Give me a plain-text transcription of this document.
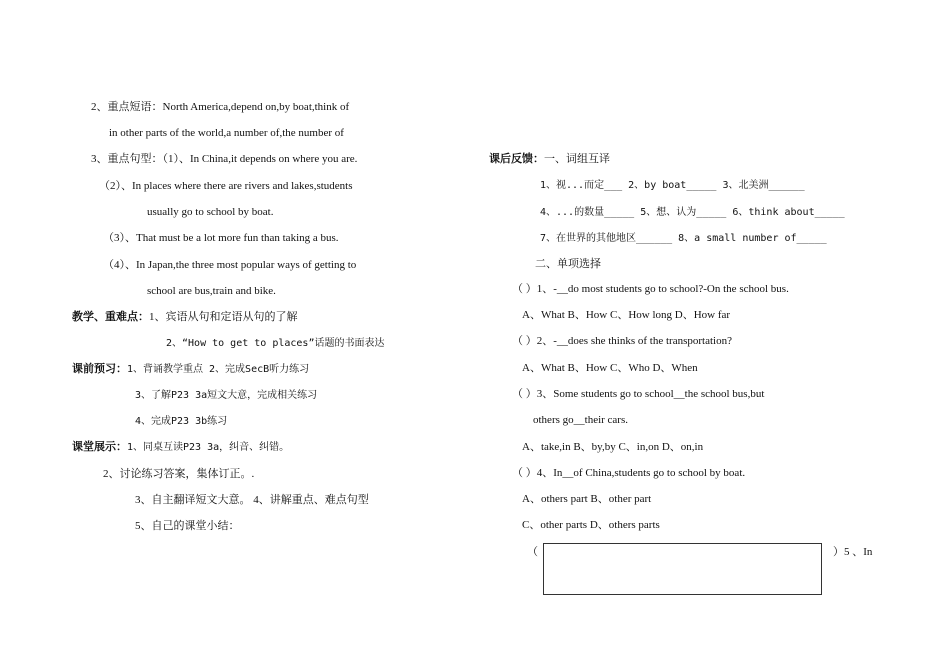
2、重点短语：North America,depend on,by boat,think of
in other parts of the world,a number of,the number of
3、重点句型：（1）、In China,it depends on where you are.
（2）、In places where there are rivers and lakes,students
usually go to school by boat.
（3）、That must be a lot more fun than taking a bus.
（4）、In Japan,the three most popular ways of getting to
school are bus,train and bike.
教学、重难点：1、宾语从句和定语从句的了解
2、“How to get to places”话题的书面表达
课前预习：1、背诵教学重点 2、完成SecB听力练习
3、了解P23 3a短文大意，完成相关练习
4、完成P23 3b练习
课堂展示：1、同桌互读P23 3a，纠音、纠错。
2、讨论练习答案，集体订正。.
3、自主翻译短文大意。 4、讲解重点、难点句型
5、自己的课堂小结：
课后反馈：一、词组互译
1、视...而定___ 2、by boat_____ 3、北美洲______
4、...的数量_____ 5、想、认为_____ 6、think about_____
7、在世界的其他地区______ 8、a small number of_____
二、单项选择
（ ）1、-__do most students go to school?-On the school bus.
A、What B、How C、How long D、How far
（ ）2、-__does she thinks of the transportation?
A、What B、How C、Who D、When
（ ）3、Some students go to school__the school bus,but
others go__their cars.
A、take,in B、by,by C、in,on D、on,in
（ ）4、In__of China,students go to school by boat.
A、others part B、other part
C、other parts D、others parts
（	）5 、In
